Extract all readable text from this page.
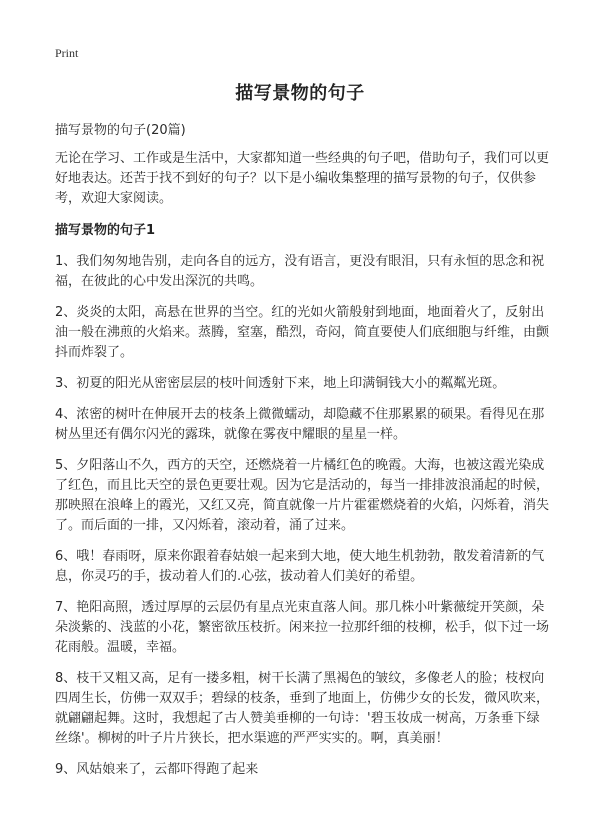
Print
描写景物的句子

描写景物的句子(20篇)

无论在学习、工作或是生活中，大家都知道一些经典的句子吧，借助句子，我们可以更好地表达。还苦于找不到好的句子？以下是小编收集整理的描写景物的句子，仅供参考，欢迎大家阅读。

描写景物的句子1

1、我们匆匆地告别，走向各自的远方，没有语言，更没有眼泪，只有永恒的思念和祝福，在彼此的心中发出深沉的共鸣。

2、炎炎的太阳，高悬在世界的当空。红的光如火箭般射到地面，地面着火了，反射出油一般在沸煎的火焰来。蒸腾，窒塞，酷烈，奇闷，简直要使人们底细胞与纤维，由颤抖而炸裂了。

3、初夏的阳光从密密层层的枝叶间透射下来，地上印满铜钱大小的粼粼光斑。

4、浓密的树叶在伸展开去的枝条上微微蠕动，却隐藏不住那累累的硕果。看得见在那树丛里还有偶尔闪光的露珠，就像在雾夜中耀眼的星星一样。

5、夕阳落山不久，西方的天空，还燃烧着一片橘红色的晚霞。大海，也被这霞光染成了红色，而且比天空的景色更要壮观。因为它是活动的，每当一排排波浪涌起的时候，那映照在浪峰上的霞光，又红又亮，简直就像一片片霍霍燃烧着的火焰，闪烁着，消失了。而后面的一排，又闪烁着，滚动着，涌了过来。

6、哦！春雨呀，原来你跟着春姑娘一起来到大地，使大地生机勃勃，散发着清新的气息，你灵巧的手，拔动着人们的.心弦，拔动着人们美好的希望。

7、艳阳高照，透过厚厚的云层仍有星点光束直落人间。那几株小叶紫薇绽开笑颜，朵朵淡紫的、浅蓝的小花，繁密欲压枝折。闲来拉一拉那纤细的枝柳，松手，似下过一场花雨般。温暖，幸福。

8、枝干又粗又高，足有一搂多粗，树干长满了黑褐色的皱纹，多像老人的脸；枝杈向四周生长，仿佛一双双手；碧绿的枝条，垂到了地面上，仿佛少女的长发，微风吹来，就翩翩起舞。这时，我想起了古人赞美垂柳的一句诗：'碧玉妆成一树高，万条垂下绿丝绦'。柳树的叶子片片狭长，把水渠遮的严严实实的。啊，真美丽！

9、风姑娘来了，云都吓得跑了起来
